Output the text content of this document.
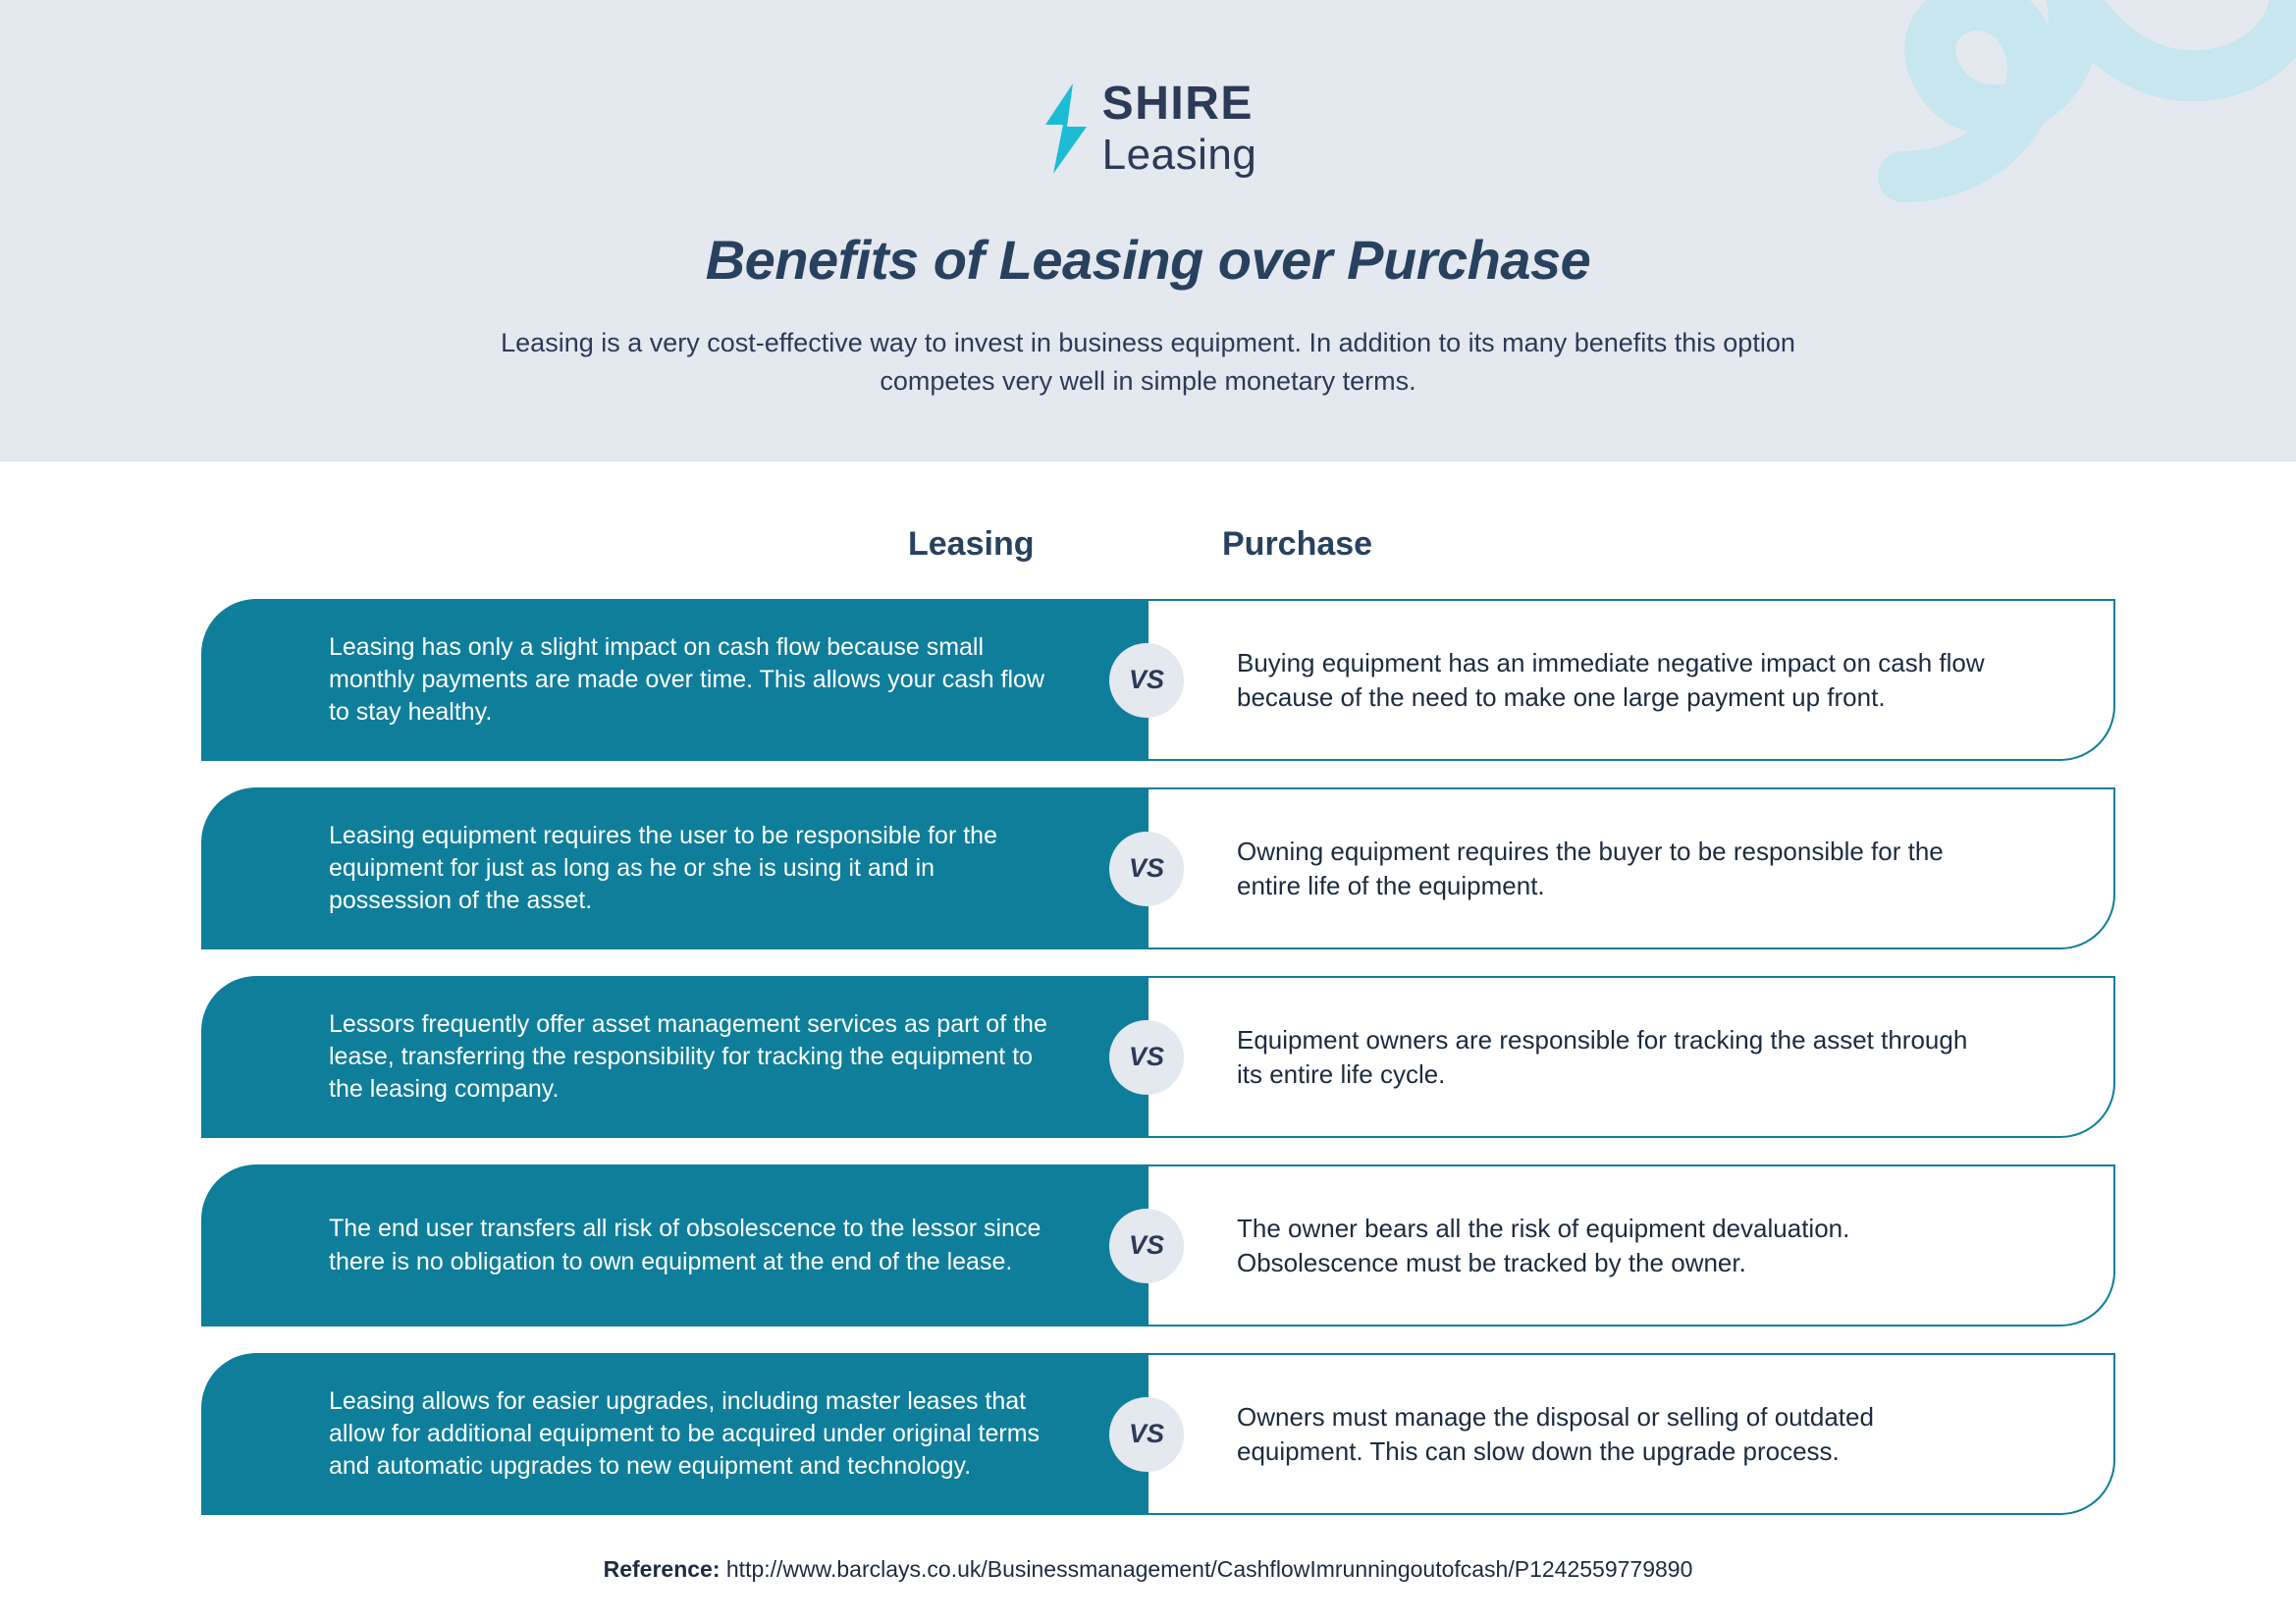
SHIRE
Leasing
Benefits of Leasing over Purchase
Leasing is a very cost-effective way to invest in business equipment. In addition to its many benefits this option competes very well in simple monetary terms.
Leasing	Purchase
Leasing has only a slight impact on cash flow because small monthly payments are made over time. This allows your cash flow to stay healthy.
VS
Buying equipment has an immediate negative impact on cash flow because of the need to make one large payment up front.
Leasing equipment requires the user to be responsible for the equipment for just as long as he or she is using it and in possession of the asset.
VS
Owning equipment requires the buyer to be responsible for the entire life of the equipment.
Lessors frequently offer asset management services as part of the lease, transferring the responsibility for tracking the equipment to the leasing company.
VS
Equipment owners are responsible for tracking the asset through its entire life cycle.
The end user transfers all risk of obsolescence to the lessor since there is no obligation to own equipment at the end of the lease.
VS
The owner bears all the risk of equipment devaluation. Obsolescence must be tracked by the owner.
Leasing allows for easier upgrades, including master leases that allow for additional equipment to be acquired under original terms and automatic upgrades to new equipment and technology.
VS
Owners must manage the disposal or selling of outdated equipment. This can slow down the upgrade process.
Reference: http://www.barclays.co.uk/Businessmanagement/CashflowImrunningoutofcash/P1242559779890
